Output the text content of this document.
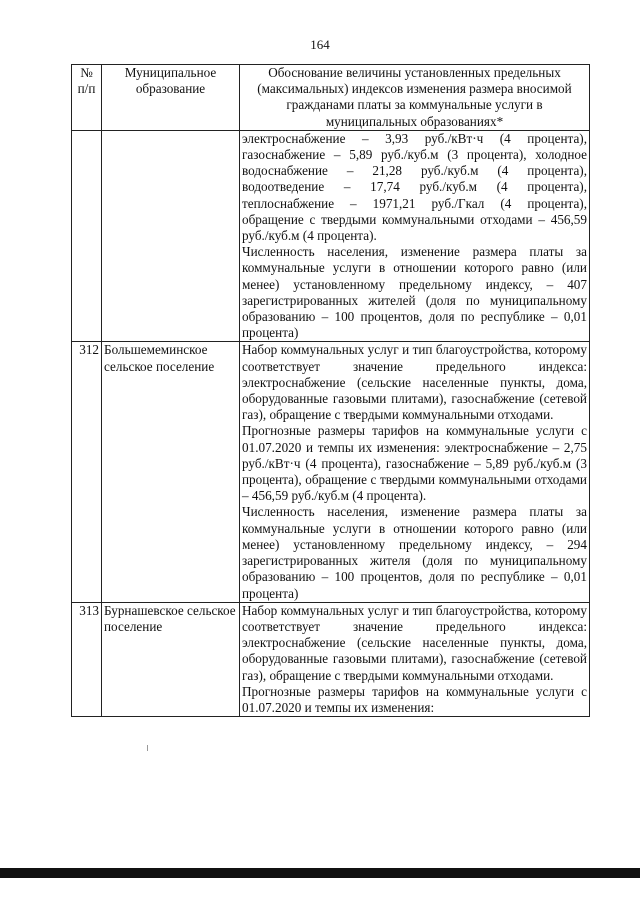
164
№
п/п	Муниципальное образование	Обоснование величины установленных предельных (максимальных) индексов изменения размера вносимой гражданами платы за коммунальные услуги в муниципальных образованиях*

		электроснабжение – 3,93 руб./кВт·ч (4 процента), газоснабжение – 5,89 руб./куб.м (3 процента), холодное водоснабжение – 21,28 руб./куб.м (4 процента), водоотведение – 17,74 руб./куб.м (4 процента), теплоснабжение – 1971,21 руб./Гкал (4 процента), обращение с твердыми коммунальными отходами – 456,59 руб./куб.м (4 процента).

Численность населения, изменение размера платы за коммунальные услуги в отношении которого равно (или менее) установленному предельному индексу, – 407 зарегистрированных жителей (доля по муниципальному образованию – 100 процентов, доля по республике – 0,01 процента)

312	Большемеминское сельское поселение	Набор коммунальных услуг и тип благоустройства, которому соответствует значение предельного индекса: электроснабжение (сельские населенные пункты, дома, оборудованные газовыми плитами), газоснабжение (сетевой газ), обращение с твердыми коммунальными отходами.

Прогнозные размеры тарифов на коммунальные услуги с 01.07.2020 и темпы их изменения: электроснабжение – 2,75 руб./кВт·ч (4 процента), газоснабжение – 5,89 руб./куб.м (3 процента), обращение с твердыми коммунальными отходами – 456,59 руб./куб.м (4 процента).

Численность населения, изменение размера платы за коммунальные услуги в отношении которого равно (или менее) установленному предельному индексу, – 294 зарегистрированных жителя (доля по муниципальному образованию – 100 процентов, доля по республике – 0,01 процента)

313	Бурнашевское сельское поселение	Набор коммунальных услуг и тип благоустройства, которому соответствует значение предельного индекса: электроснабжение (сельские населенные пункты, дома, оборудованные газовыми плитами), газоснабжение (сетевой газ), обращение с твердыми коммунальными отходами.

Прогнозные размеры тарифов на коммунальные услуги с 01.07.2020 и темпы их изменения:
